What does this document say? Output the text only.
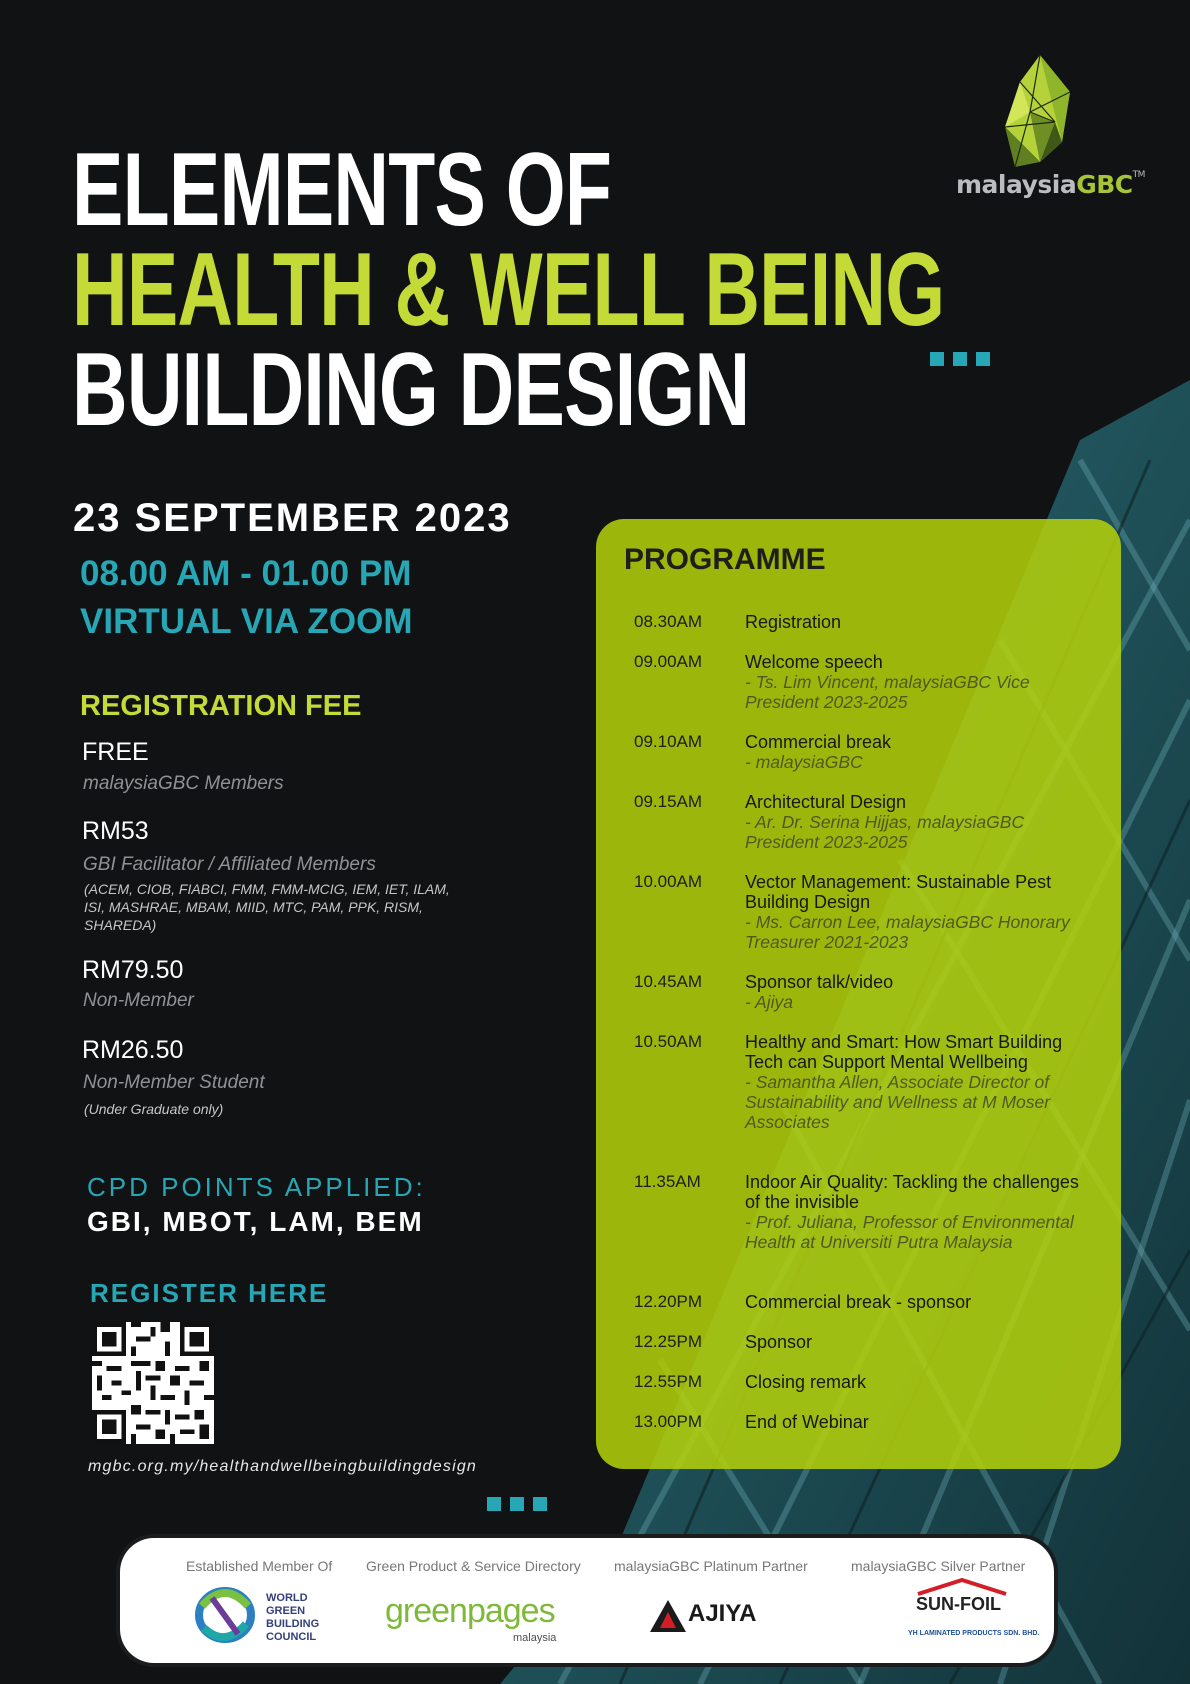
malaysiaGBC™
ELEMENTS OF
HEALTH & WELL BEING
BUILDING DESIGN
23 SEPTEMBER 2023
08.00 AM - 01.00 PM
VIRTUAL VIA ZOOM
REGISTRATION FEE
FREE
malaysiaGBC Members
RM53
GBI Facilitator / Affiliated Members
(ACEM, CIOB, FIABCI, FMM, FMM-MCIG, IEM, IET, ILAM, ISI, MASHRAE, MBAM, MIID, MTC, PAM, PPK, RISM, SHAREDA)
RM79.50
Non-Member
RM26.50
Non-Member Student
(Under Graduate only)
CPD POINTS APPLIED:
GBI, MBOT, LAM, BEM
REGISTER HERE
mgbc.org.my/healthandwellbeingbuildingdesign
PROGRAMME
08.30AM Registration
09.00AM Welcome speech
- Ts. Lim Vincent, malaysiaGBC Vice President 2023-2025
09.10AM Commercial break
- malaysiaGBC
09.15AM Architectural Design
- Ar. Dr. Serina Hijjas, malaysiaGBC President 2023-2025
10.00AM Vector Management: Sustainable Pest Building Design
- Ms. Carron Lee, malaysiaGBC Honorary Treasurer 2021-2023
10.45AM Sponsor talk/video
- Ajiya
10.50AM Healthy and Smart: How Smart Building Tech can Support Mental Wellbeing
- Samantha Allen, Associate Director of Sustainability and Wellness at M Moser Associates
11.35AM Indoor Air Quality: Tackling the challenges of the invisible
- Prof. Juliana, Professor of Environmental Health at Universiti Putra Malaysia
12.20PM Commercial break - sponsor
12.25PM Sponsor
12.55PM Closing remark
13.00PM End of Webinar
Established Member Of Green Product & Service Directory malaysiaGBC Platinum Partner	malaysiaGBC Silver Partner
WORLD GREEN BUILDING COUNCIL
greenpages
malaysia
AJIYA	SUN-FOIL
YH LAMINATED PRODUCTS SDN. BHD.
